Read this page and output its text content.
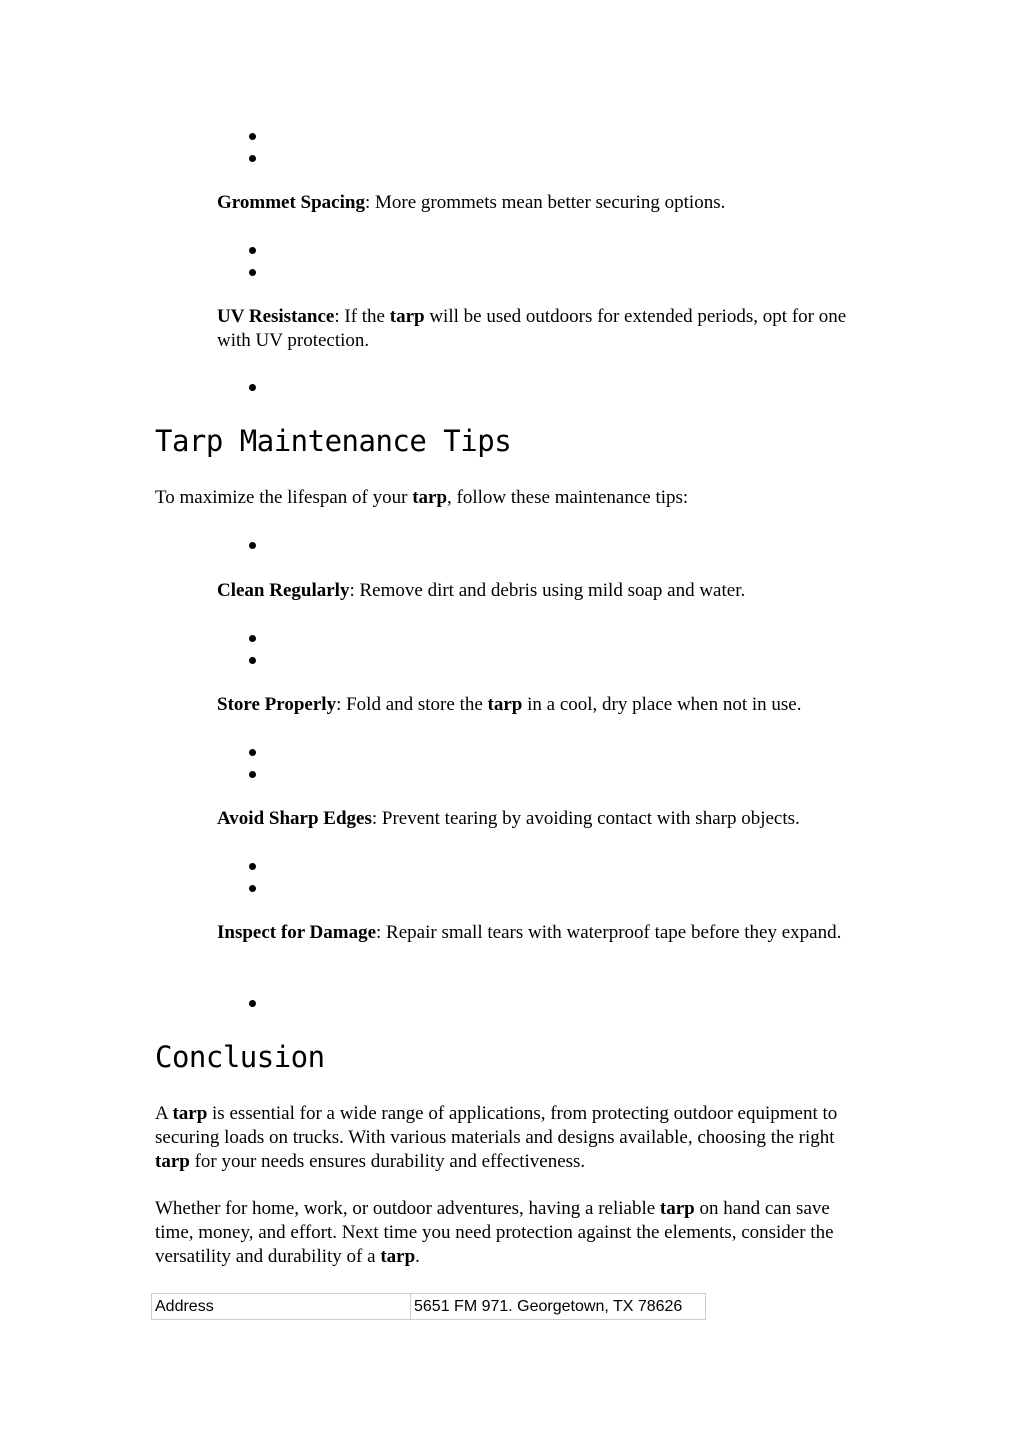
Grommet Spacing: More grommets mean better securing options.

UV Resistance: If the tarp will be used outdoors for extended periods, opt for one with UV protection.

Tarp Maintenance Tips

To maximize the lifespan of your tarp, follow these maintenance tips:

Clean Regularly: Remove dirt and debris using mild soap and water.

Store Properly: Fold and store the tarp in a cool, dry place when not in use.

Avoid Sharp Edges: Prevent tearing by avoiding contact with sharp objects.

Inspect for Damage: Repair small tears with waterproof tape before they expand.

Conclusion

A tarp is essential for a wide range of applications, from protecting outdoor equipment to securing loads on trucks. With various materials and designs available, choosing the right tarp for your needs ensures durability and effectiveness.

Whether for home, work, or outdoor adventures, having a reliable tarp on hand can save time, money, and effort. Next time you need protection against the elements, consider the versatility and durability of a tarp.

Address	5651 FM 971. Georgetown, TX 78626
